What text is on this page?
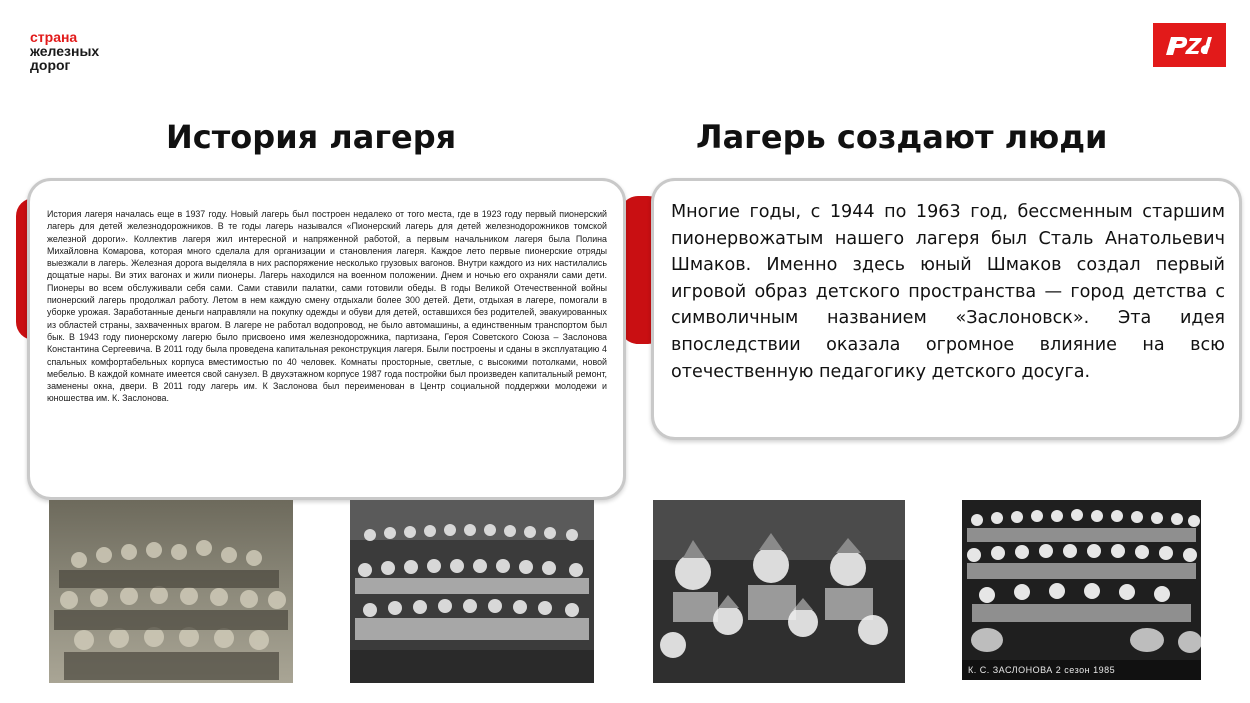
страна
железных
дорог
История лагеря	Лагерь создают люди

История лагеря началась еще в 1937 году. Новый лагерь был построен недалеко от того места, где в 1923 году первый пионерский лагерь для детей железнодорожников. В те годы лагерь назывался «Пионерский лагерь для детей железнодорожников томской железной дороги». Коллектив лагеря жил интересной и напряженной работой, а первым начальником лагеря была Полина Михайловна Комарова, которая много сделала для организации и становления лагеря. Каждое лето первые пионерские отряды выезжали в лагерь. Железная дорога выделяла в них распоряжение несколько грузовых вагонов. Внутри каждого из них настилались дощатые нары. Ви этих вагонах и жили пионеры. Лагерь находился на военном положении. Днем и ночью его охраняли сами дети. Пионеры во всем обслуживали себя сами. Сами ставили палатки, сами готовили обеды. В годы Великой Отечественной войны пионерский лагерь продолжал работу. Летом в нем каждую смену отдыхали более 300 детей. Дети, отдыхая в лагере, помогали в уборке урожая. Заработанные деньги направляли на покупку одежды и обуви для детей, оставшихся без родителей, эвакуированных из областей страны, захваченных врагом. В лагере не работал водопровод, не было автомашины, а единственным транспортом был бык. В 1943 году пионерскому лагерю было присвоено имя железнодорожника, партизана, Героя Советского Союза – Заслонова Константина Сергеевича. В 2011 году была проведена капитальная реконструкция лагеря. Были построены и сданы в эксплуатацию 4 спальных комфортабельных корпуса вместимостью по 40 человек. Комнаты просторные, светлые, с высокими потолками, новой мебелью. В каждой комнате имеется свой санузел. В двухэтажном корпусе 1987 года постройки был произведен капитальный ремонт, заменены окна, двери. В 2011 году лагерь им. К Заслонова был переименован в Центр социальной поддержки молодежи и юношества им. К. Заслонова.

Многие годы, с 1944 по 1963 год, бессменным старшим пионервожатым нашего лагеря был Сталь Анатольевич Шмаков. Именно здесь юный Шмаков создал первый игровой образ детского пространства — город детства с символичным названием «Заслоновск». Эта идея впоследствии оказала огромное влияние на всю отечественную педагогику детского досуга.

К. С. ЗАСЛОНОВА 2 сезон 1985
